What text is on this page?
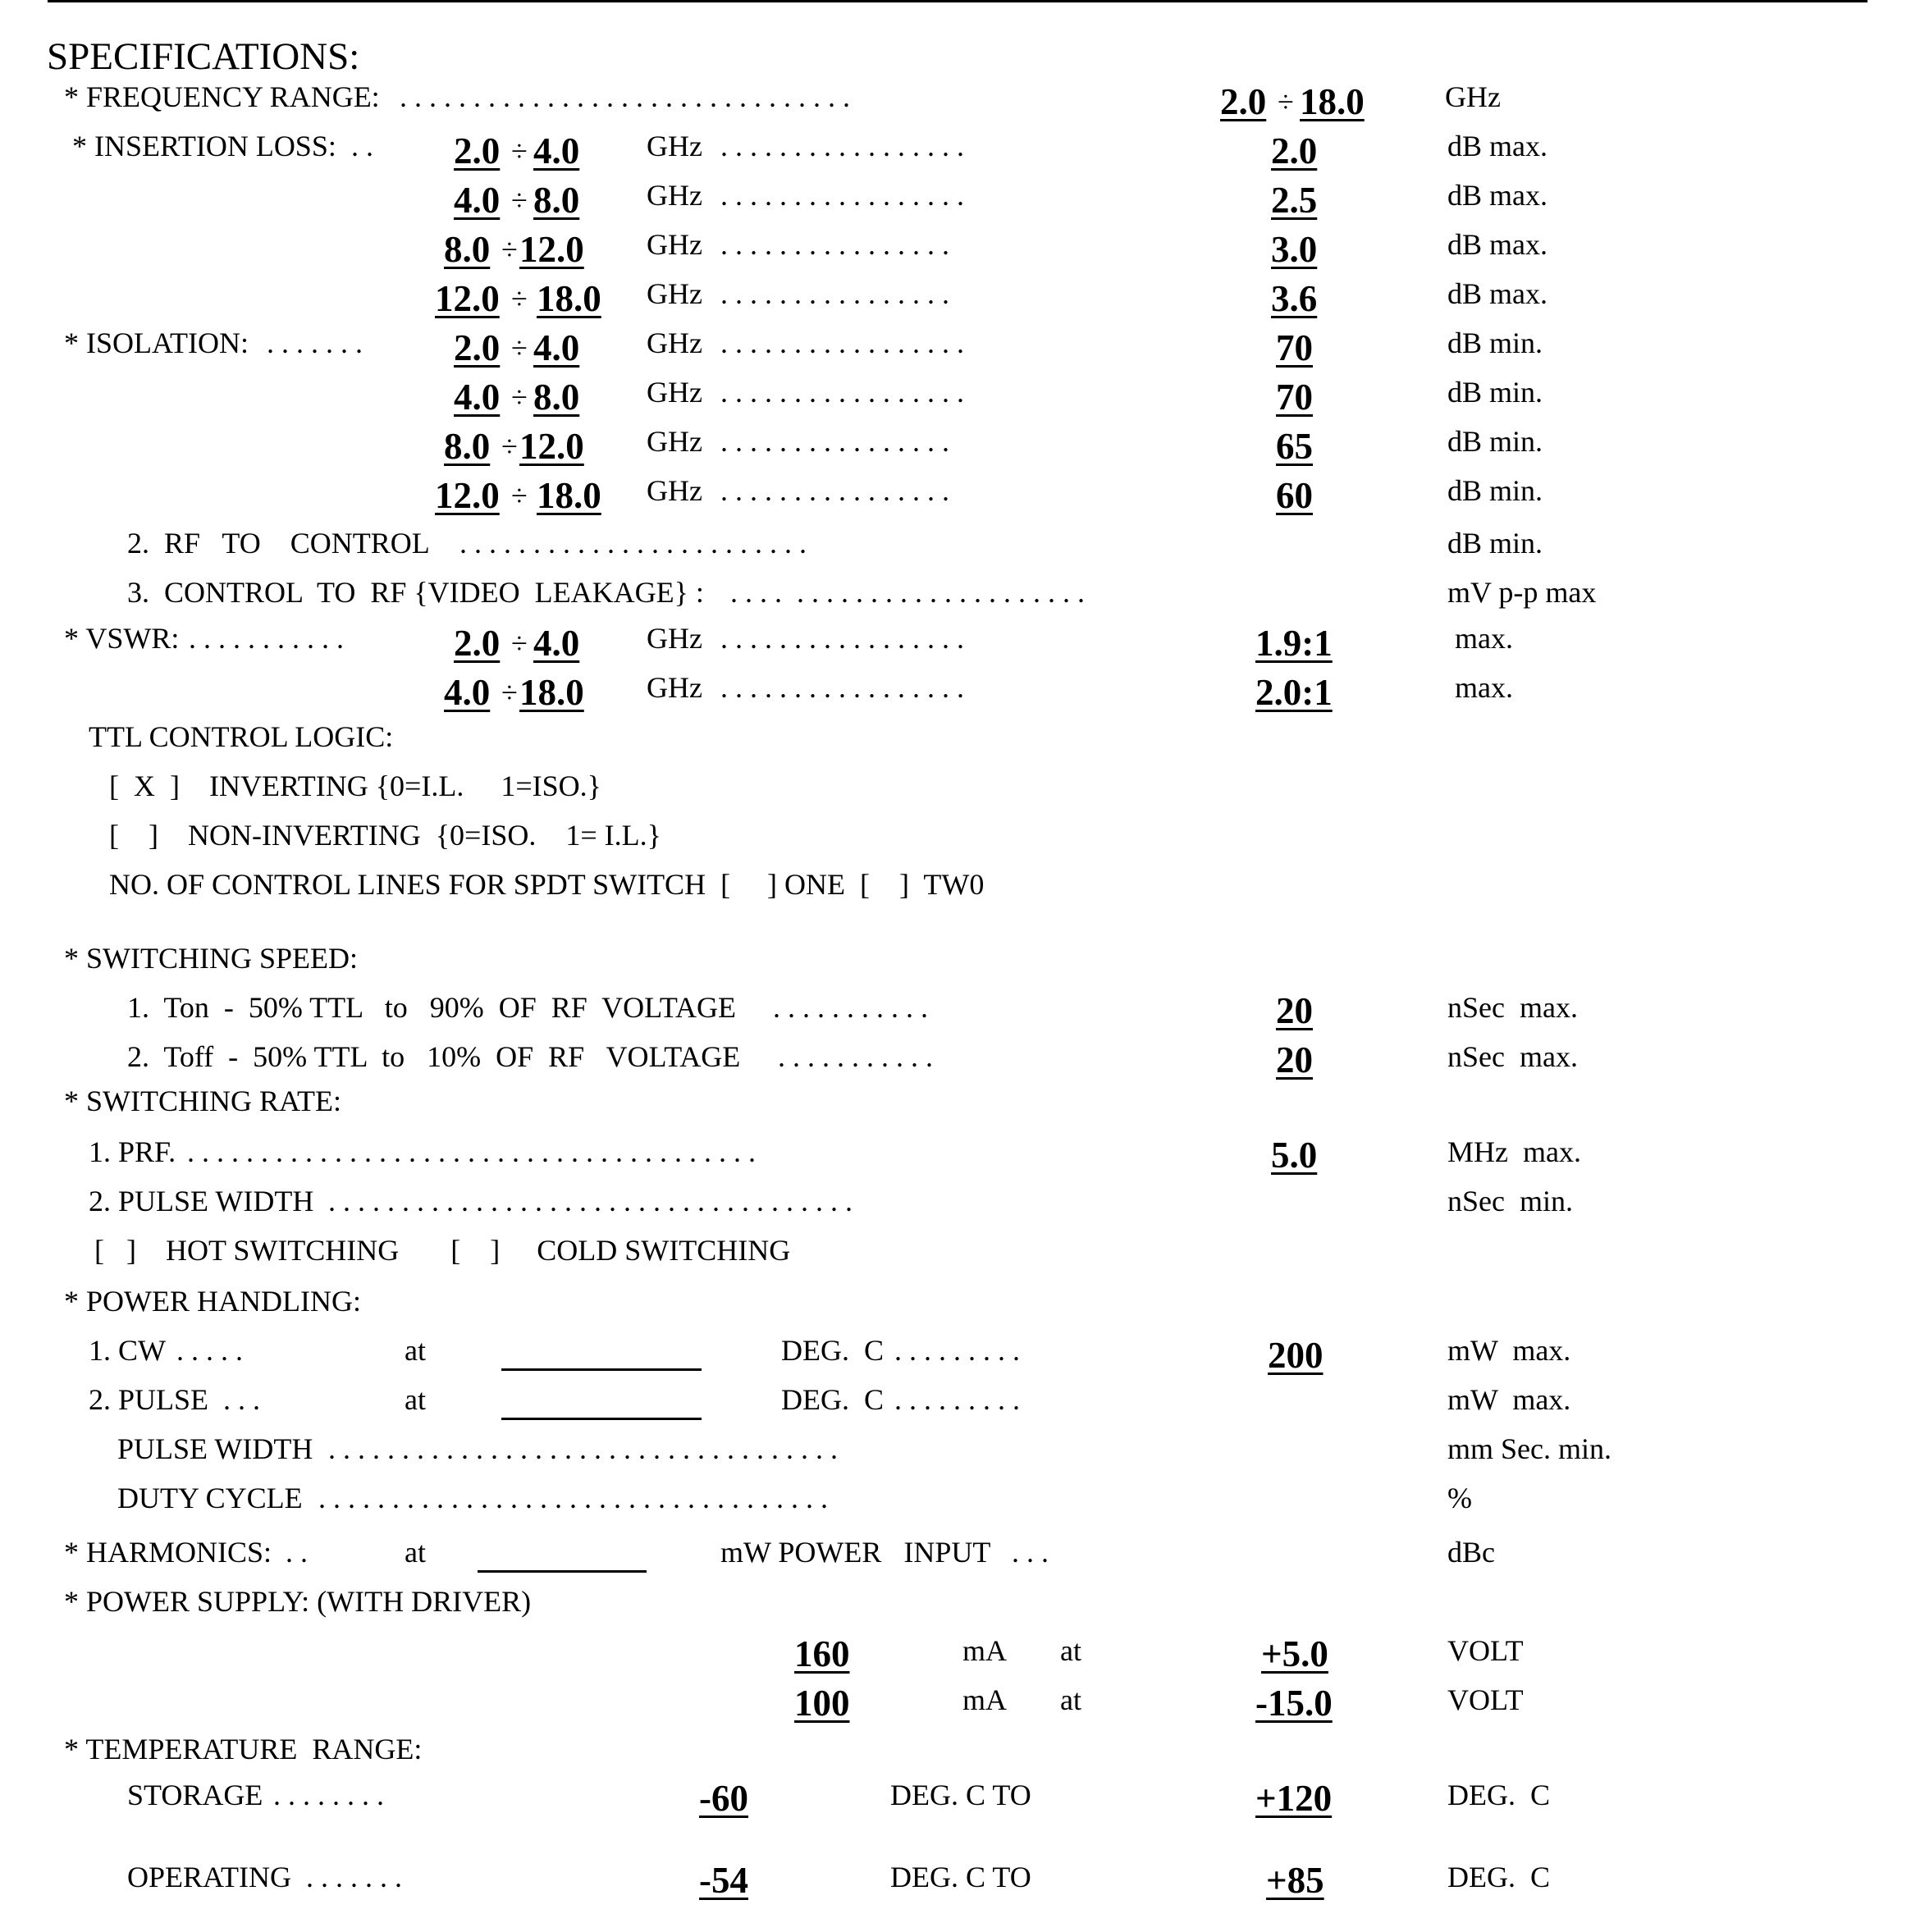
SPECIFICATIONS:
* FREQUENCY RANGE: . . . . . . . . . . . . . . . . . . . . . . . . . . . . . . .	2.0 ÷ 18.0	GHz
* INSERTION LOSS: . . 2.0 ÷ 4.0 GHz . . . . . . . . . . . . . . . . .	2.0	dB max.
4.0 ÷ 8.0 GHz . . . . . . . . . . . . . . . . .	2.5	dB max.
8.0 ÷ 12.0 GHz . . . . . . . . . . . . . . . .	3.0	dB max.
12.0 ÷ 18.0 GHz . . . . . . . . . . . . . . . .	3.6	dB max.
* ISOLATION: . . . . . . . 2.0 ÷ 4.0 GHz . . . . . . . . . . . . . . . . .	70	dB min.
4.0 ÷ 8.0 GHz . . . . . . . . . . . . . . . . .	70	dB min.
8.0 ÷ 12.0 GHz . . . . . . . . . . . . . . . .	65	dB min.
12.0 ÷ 18.0 GHz . . . . . . . . . . . . . . . .	60	dB min.
2.  RF   TO    CONTROL . . . . . . . . . . . . . . . . . . . . . . . .	dB min.
3.  CONTROL  TO  RF {VIDEO  LEAKAGE} : . . . .  . . . . . . . . . . . . . . . . . . . .	mV p-p max
* VSWR: . . . . . . . . . . .	2.0 ÷ 4.0 GHz . . . . . . . . . . . . . . . . .	1.9:1	max.
4.0 ÷ 18.0 GHz . . . . . . . . . . . . . . . . .	2.0:1	max.
TTL CONTROL LOGIC:
[  X  ]    INVERTING {0=I.L.     1=ISO.}
[    ]    NON-INVERTING  {0=ISO.    1= I.L.}
NO. OF CONTROL LINES FOR SPDT SWITCH  [     ] ONE  [    ]  TW0
* SWITCHING SPEED:
1.  Ton  -  50% TTL   to   90%  OF  RF  VOLTAGE . . . . . . . . . . .	20	nSec  max.
2.  Toff  -  50% TTL  to   10%  OF  RF   VOLTAGE . . . . . . . . . . .	20	nSec  max.
* SWITCHING RATE:
1. PRF. . . . . . . . . . . . . . . . . . . . . . . . . . . . . . . . . . . . . . . .	5.0	MHz  max.
2. PULSE WIDTH . . . . . . . . . . . . . . . . . . . . . . . . . . . . . . . . . . . .	nSec  min.
[   ]    HOT SWITCHING       [    ]     COLD SWITCHING
* POWER HANDLING:
1. CW . . . . .	at	DEG.  C . . . . . . . . .	200	mW  max.
2. PULSE . . .	at	DEG.  C . . . . . . . . .	mW  max.
PULSE WIDTH . . . . . . . . . . . . . . . . . . . . . . . . . . . . . . . . . . .	mm Sec. min.
DUTY CYCLE . . . . . . . . . . . . . . . . . . . . . . . . . . . . . . . . . . .	%
* HARMONICS: . .	at	mW POWER   INPUT . . .	dBc
* POWER SUPPLY: (WITH DRIVER)
160	mA at	+5.0	VOLT
100	mA at	-15.0	VOLT
* TEMPERATURE  RANGE:
STORAGE . . . . . . . .	-60	DEG. C TO	+120	DEG.  C
OPERATING . . . . . . .	-54	DEG. C TO	+85	DEG.  C
